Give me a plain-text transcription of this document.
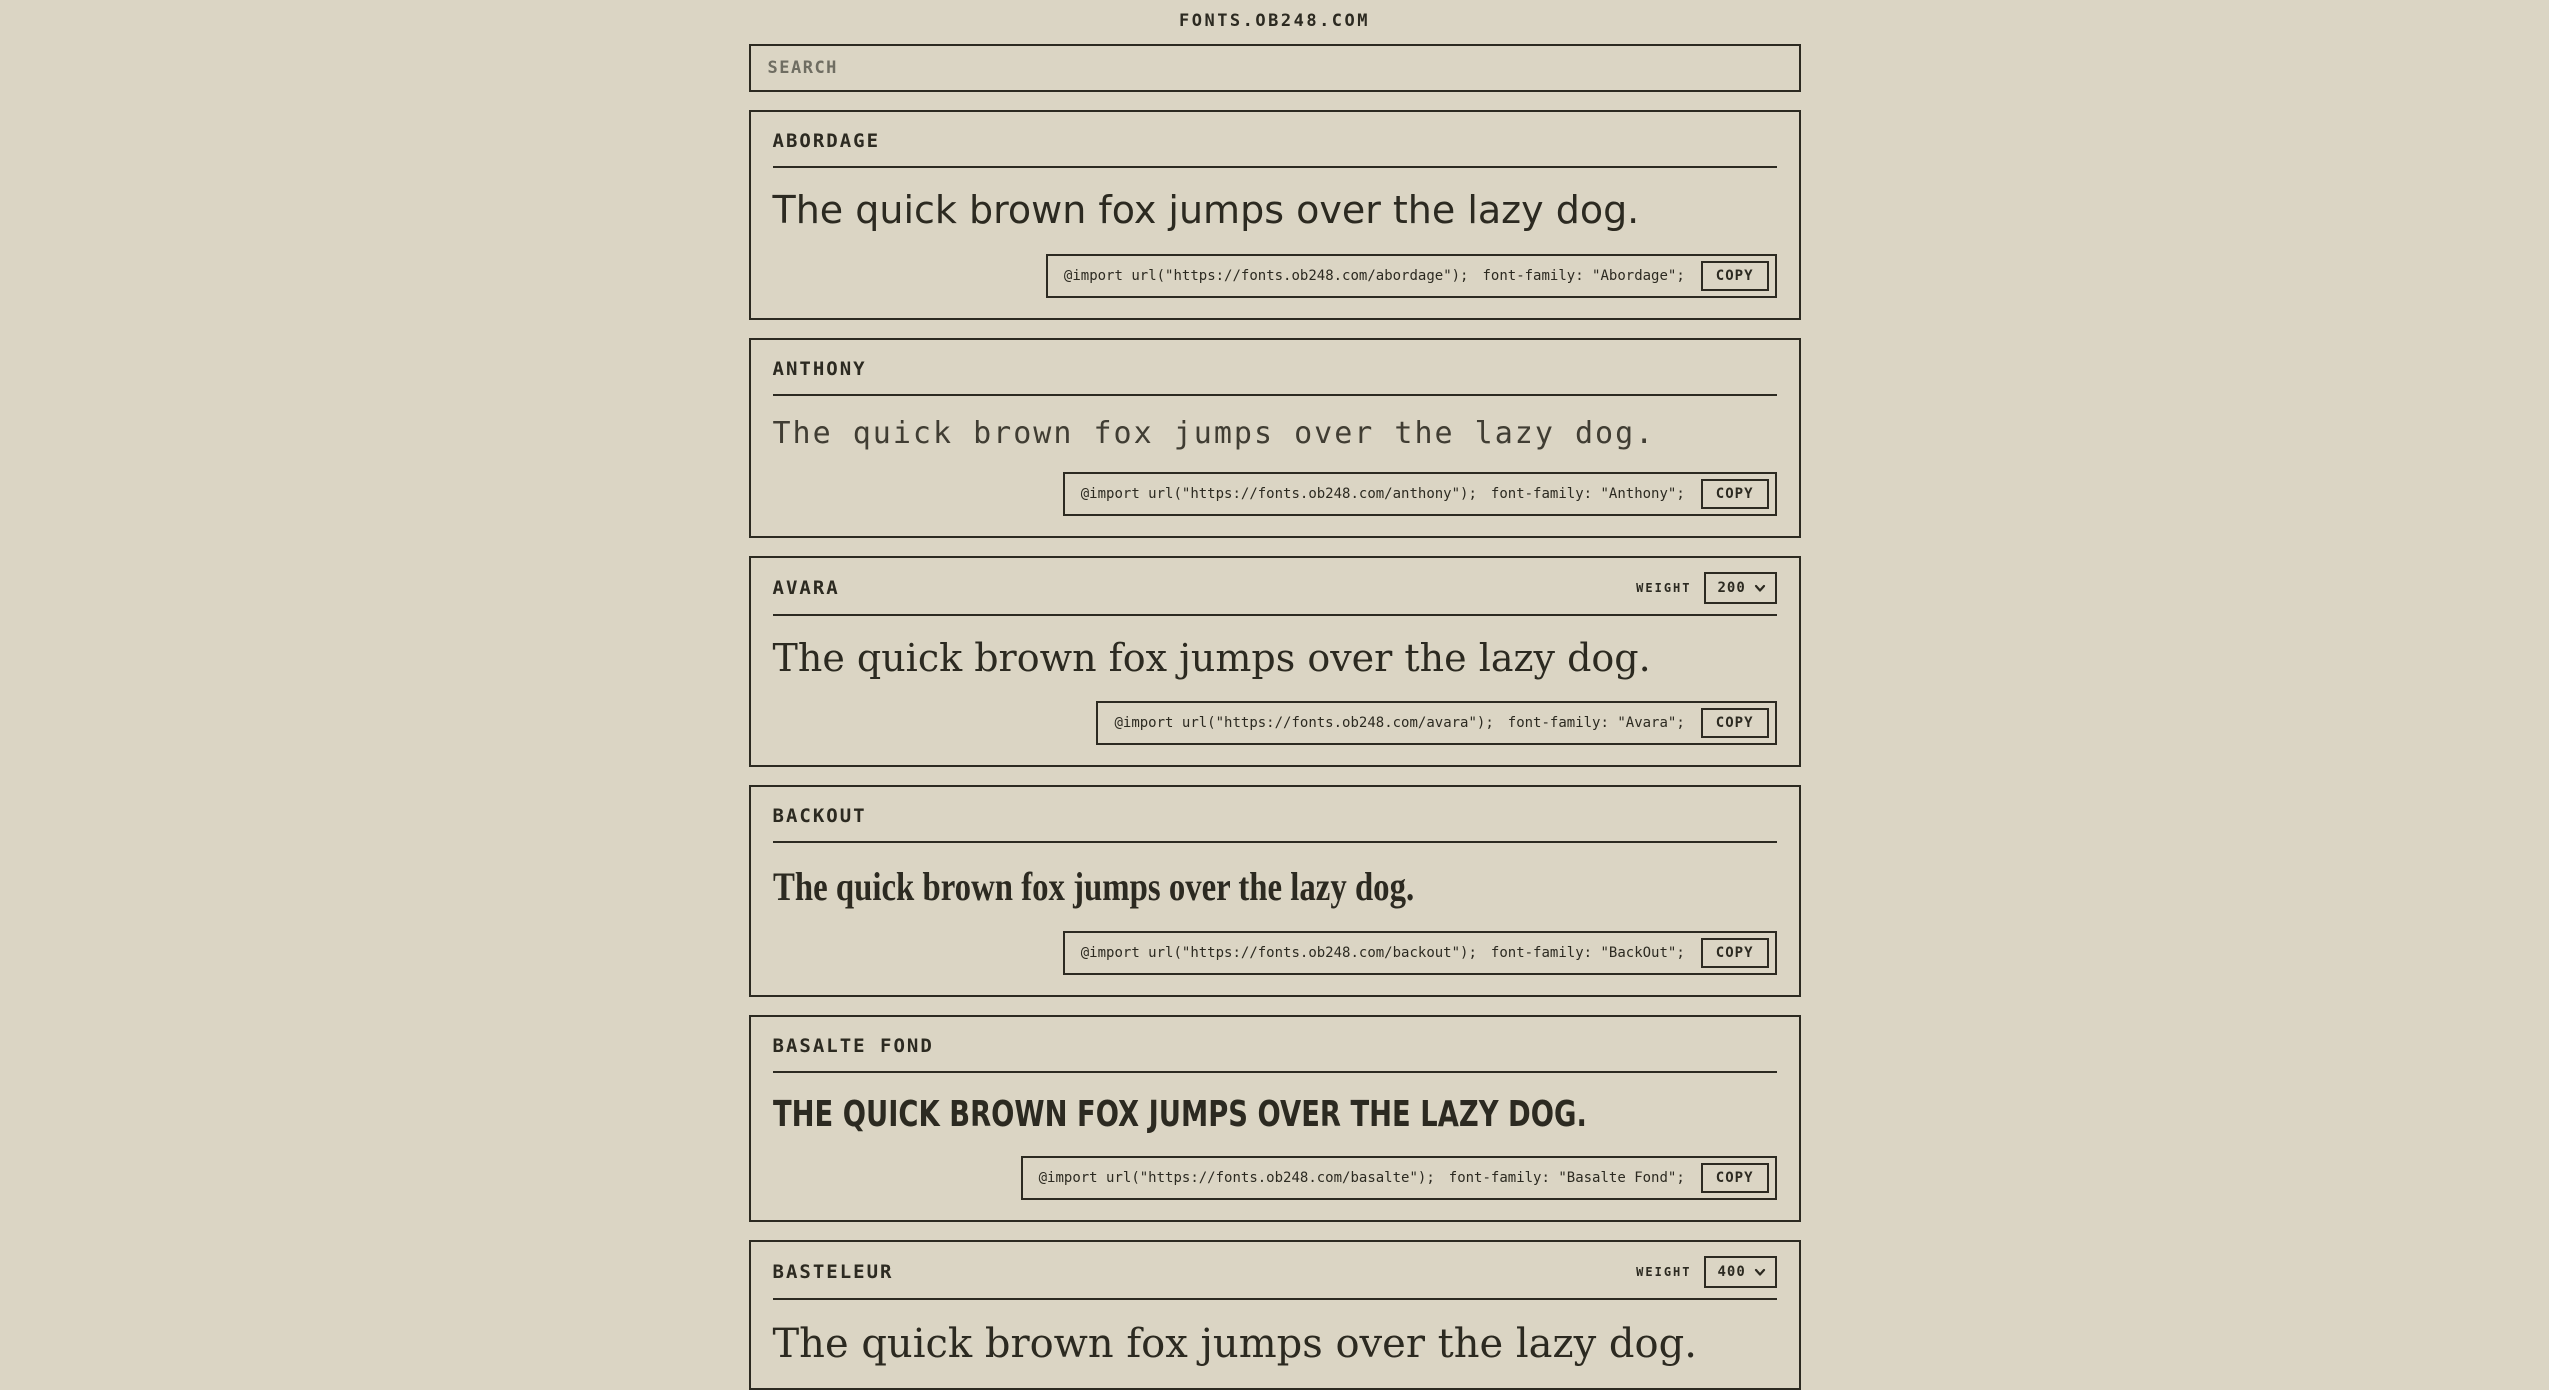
FONTS.OB248.COM
SEARCH
ABORDAGE
The quick brown fox jumps over the lazy dog.
@import url("https://fonts.ob248.com/abordage"); font-family: "Abordage";	COPY
ANTHONY
The quick brown fox jumps over the lazy dog.
@import url("https://fonts.ob248.com/anthony"); font-family: "Anthony";	COPY
AVARA	WEIGHT
200
The quick brown fox jumps over the lazy dog.
@import url("https://fonts.ob248.com/avara"); font-family: "Avara";	COPY
BACKOUT
The quick brown fox jumps over the lazy dog.
@import url("https://fonts.ob248.com/backout"); font-family: "BackOut";	COPY
BASALTE FOND
THE QUICK BROWN FOX JUMPS OVER THE LAZY DOG.
@import url("https://fonts.ob248.com/basalte"); font-family: "Basalte Fond";	COPY
BASTELEUR	WEIGHT
400
The quick brown fox jumps over the lazy dog.
